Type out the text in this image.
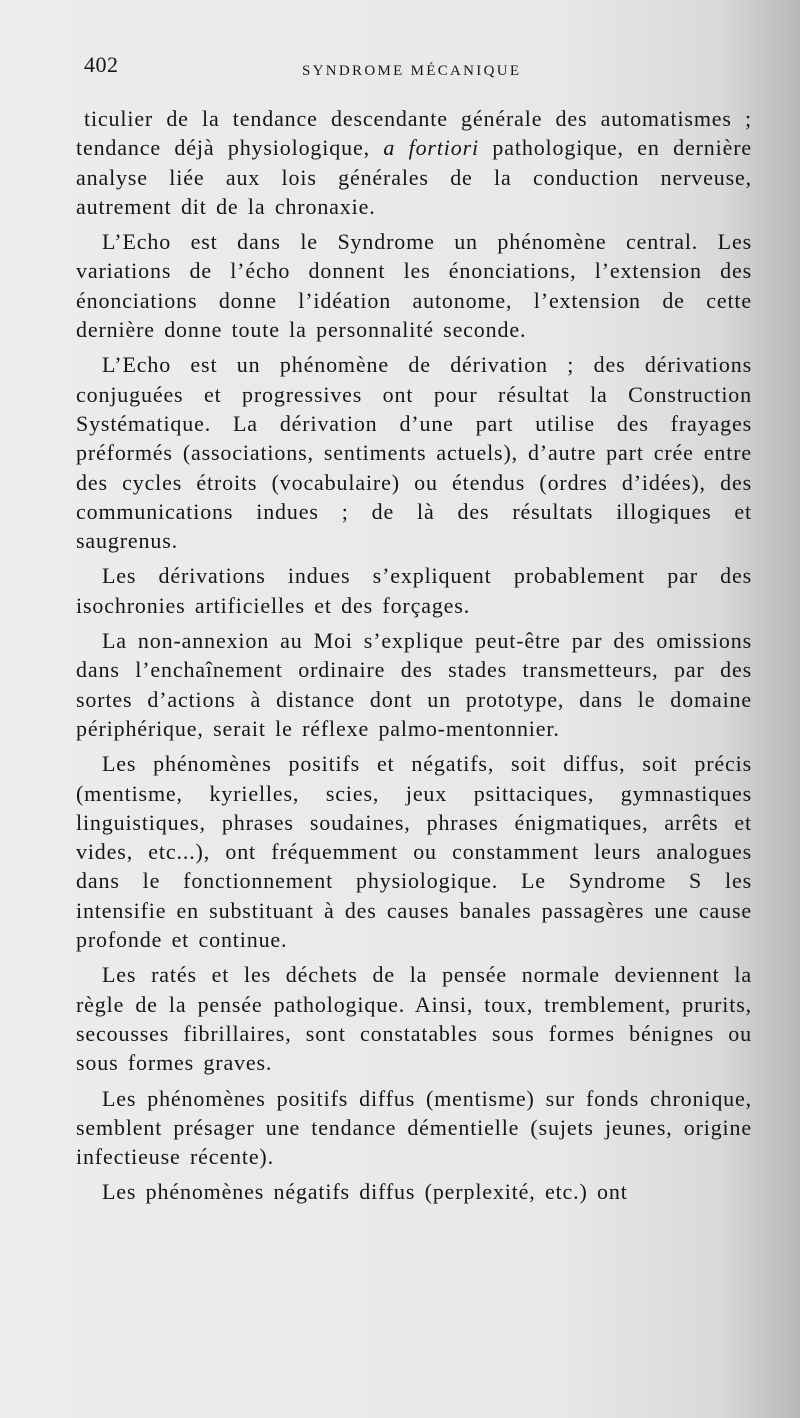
402	SYNDROME MÉCANIQUE

ticulier de la tendance descendante générale des automatismes ; tendance déjà physiologique, a fortiori pathologique, en dernière analyse liée aux lois générales de la conduction nerveuse, autrement dit de la chronaxie.

L’Echo est dans le Syndrome un phénomène central. Les variations de l’écho donnent les énonciations, l’extension des énonciations donne l’idéation autonome, l’extension de cette dernière donne toute la personnalité seconde.

L’Echo est un phénomène de dérivation ; des dérivations conjuguées et progressives ont pour résultat la Construction Systématique. La dérivation d’une part utilise des frayages préformés (associations, sentiments actuels), d’autre part crée entre des cycles étroits (vocabulaire) ou étendus (ordres d’idées), des communications indues ; de là des résultats illogiques et saugrenus.

Les dérivations indues s’expliquent probablement par des isochronies artificielles et des forçages.

La non-annexion au Moi s’explique peut-être par des omissions dans l’enchaînement ordinaire des stades transmetteurs, par des sortes d’actions à distance dont un prototype, dans le domaine périphérique, serait le réflexe palmo-mentonnier.

Les phénomènes positifs et négatifs, soit diffus, soit précis (mentisme, kyrielles, scies, jeux psittaciques, gymnastiques linguistiques, phrases soudaines, phrases énigmatiques, arrêts et vides, etc...), ont fréquemment ou constamment leurs analogues dans le fonctionnement physiologique. Le Syndrome S les intensifie en substituant à des causes banales passagères une cause profonde et continue.

Les ratés et les déchets de la pensée normale deviennent la règle de la pensée pathologique. Ainsi, toux, tremblement, prurits, secousses fibrillaires, sont constatables sous formes bénignes ou sous formes graves.

Les phénomènes positifs diffus (mentisme) sur fonds chronique, semblent présager une tendance démentielle (sujets jeunes, origine infectieuse récente).

Les phénomènes négatifs diffus (perplexité, etc.) ont
